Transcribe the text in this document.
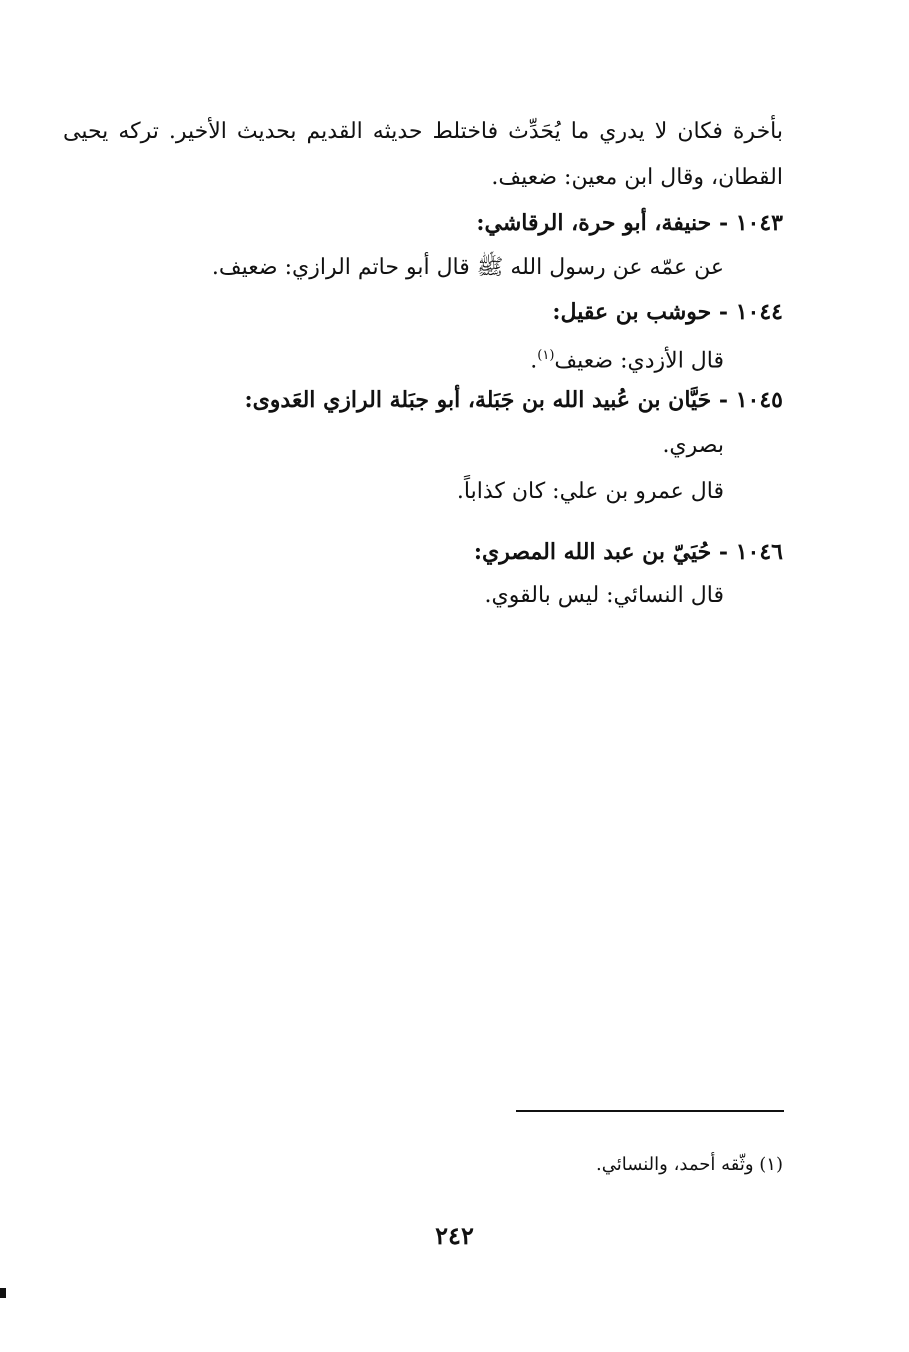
بأخرة فكان لا يدري ما يُحَدِّث فاختلط حديثه القديم بحديث الأخير. تركه يحيى
القطان، وقال ابن معين: ضعيف.
١٠٤٣ - حنيفة، أبو حرة، الرقاشي:
عن عمّه عن رسول الله ﷺ قال أبو حاتم الرازي: ضعيف.
١٠٤٤ - حوشب بن عقيل:
قال الأزدي: ضعيف$^{(١)}$.
١٠٤٥ - حَيَّان بن عُبيد الله بن جَبَلة، أبو جبَلة الرازي العَدوى:
بصري.
قال عمرو بن علي: كان كذاباً.
١٠٤٦ - حُيَيّ بن عبد الله المصري:
قال النسائي: ليس بالقوي.
(١) وثّقه أحمد، والنسائي.
٢٤٢
